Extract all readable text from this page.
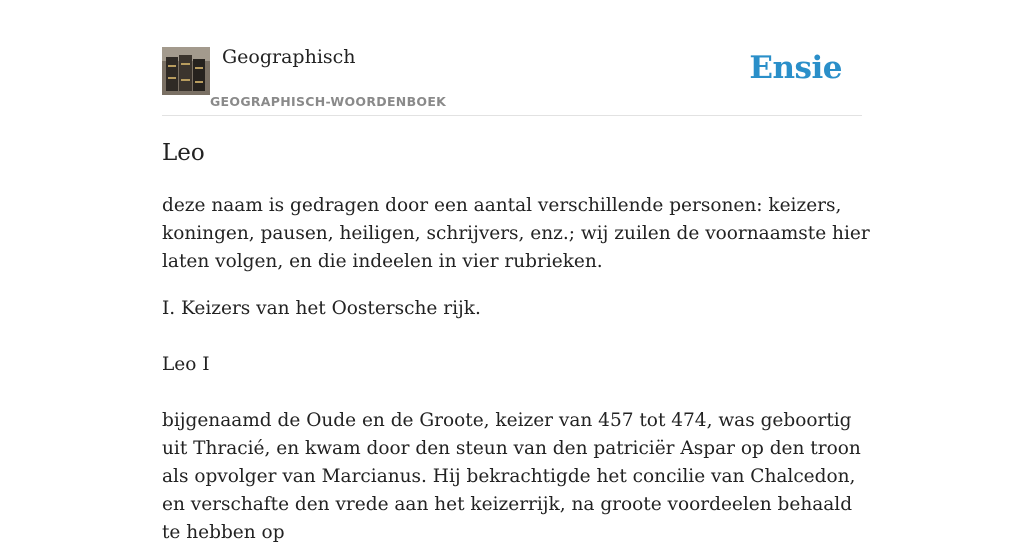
Geographisch
GEOGRAPHISCH-WOORDENBOEK
Ensie
Leo

deze naam is gedragen door een aantal verschillende personen: keizers, koningen, pausen, heiligen, schrijvers, enz.; wij zuilen de voornaamste hier laten volgen, en die indeelen in vier rubrieken.

I. Keizers van het Oostersche rijk.

Leo I

bijgenaamd de Oude en de Groote, keizer van 457 tot 474, was geboortig uit Thracié, en kwam door den steun van den patriciër Aspar op den troon als opvolger van Marcianus. Hij bekrachtigde het concilie van Chalcedon, en verschafte den vrede aan het keizerrijk, na groote voordeelen behaald te hebben op
